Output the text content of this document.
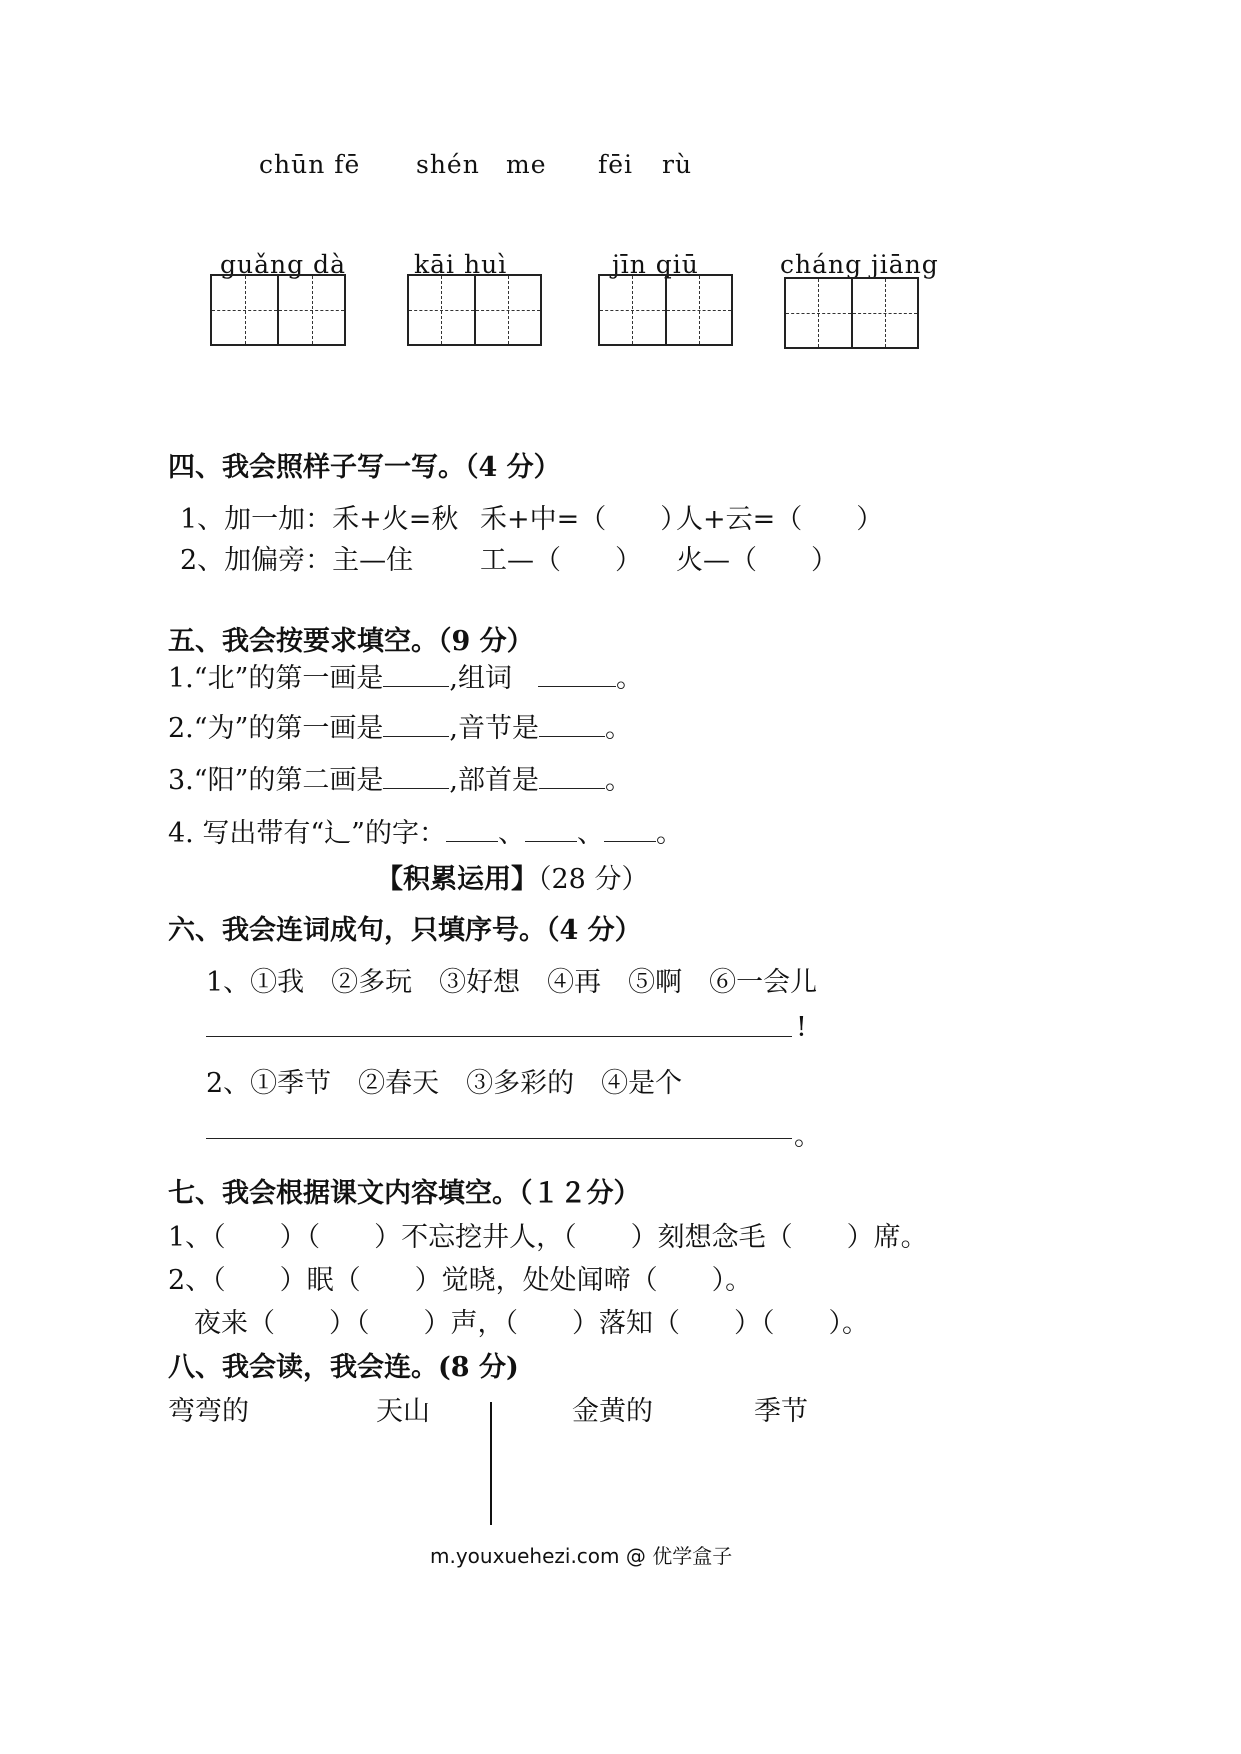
chūn fē shén me fēi rù
guǎng dà	kāi huì	jīn qiū	cháng jiāng
四、我会照样子写一写。（4 分）
1、加一加：禾+火=秋 禾+中=（　　）
人+云=（　　）
2、加偏旁：主—住 工—（　　） 火—（　　）
五、我会按要求填空。（9 分）
1.“北”的第一画是 ,组词	。
2.“为”的第一画是 ,音节是 。
3.“阳”的第二画是 ,部首是 。
4. 写出带有“辶”的字： 、 、 。
【积累运用】（28 分）
六、我会连词成句，只填序号。（4 分）
1、①我　②多玩　③好想　④再　⑤啊　⑥一会儿
!
2、①季节　②春天　③多彩的　④是个
。
七、我会根据课文内容填空。（１２分）
1、（　　）（　　）不忘挖井人，（　　）刻想念毛（　　）席。
2、（　　）眠（　　）觉晓，处处闻啼（　　）。
夜来（　　）（　　）声，（　　）落知（　　）（　　）。
八、我会读，我会连。(8 分)
弯弯的	天山	金黄的	季节
m.youxuehezi.com @ 优学盒子
